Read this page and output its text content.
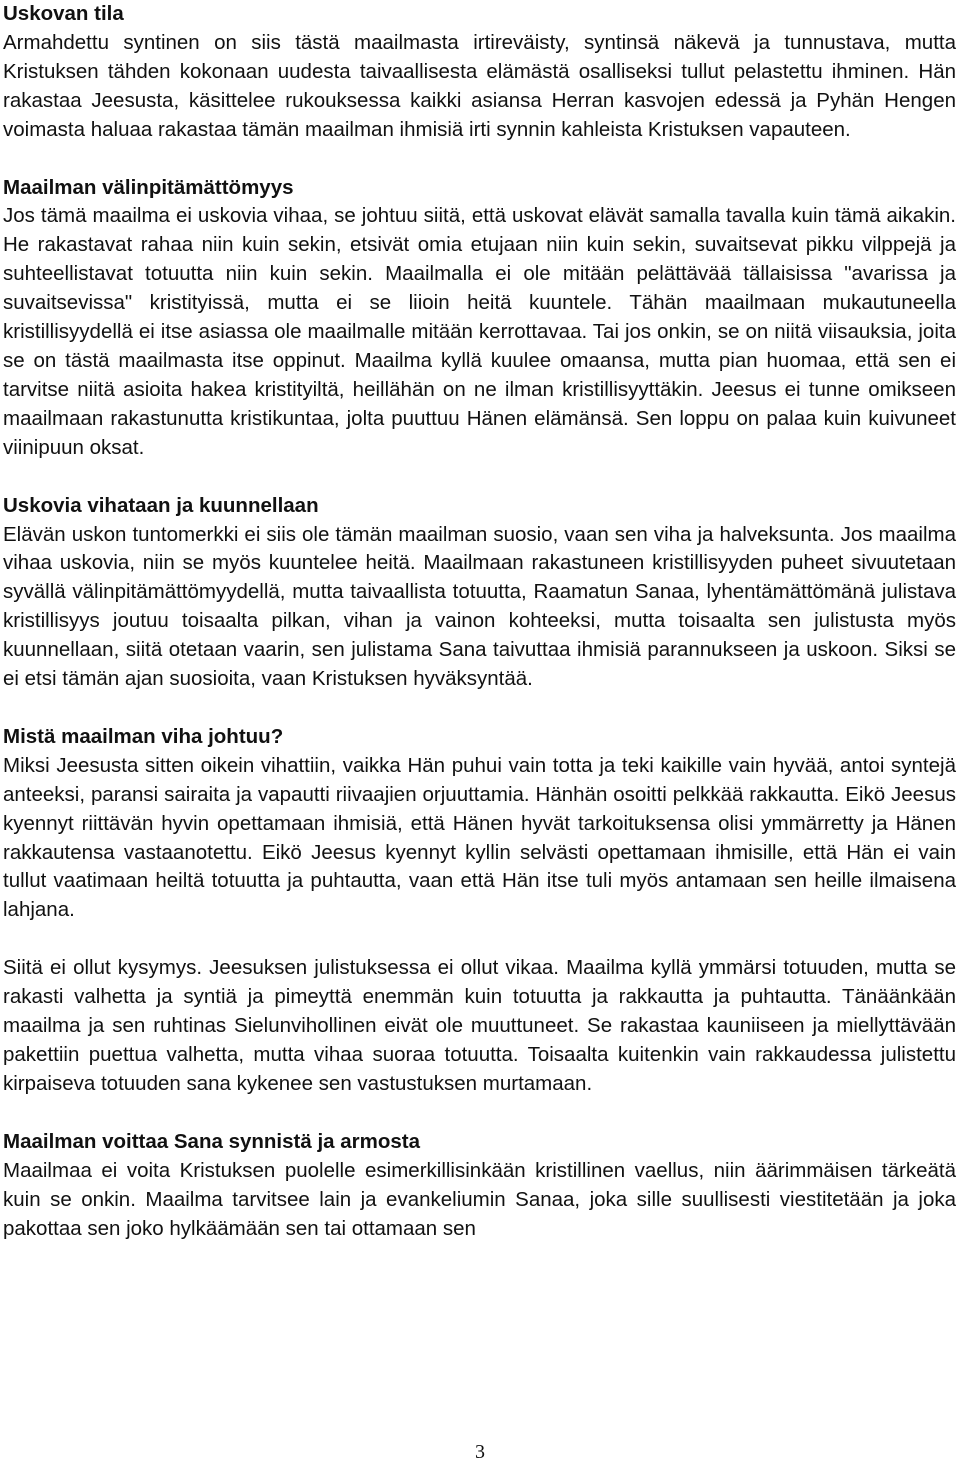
Uskovan tila

Armahdettu syntinen on siis tästä maailmasta irtireväisty, syntinsä näkevä ja tunnustava, mutta Kristuksen tähden kokonaan uudesta taivaallisesta elämästä osalliseksi tullut pelastettu ihminen. Hän rakastaa Jeesusta, käsittelee rukouksessa kaikki asiansa Herran kasvojen edessä ja Pyhän Hengen voimasta haluaa rakastaa tämän maailman ihmisiä irti synnin kahleista Kristuksen vapauteen.

Maailman välinpitämättömyys

Jos tämä maailma ei uskovia vihaa, se johtuu siitä, että uskovat elävät samalla tavalla kuin tämä aikakin. He rakastavat rahaa niin kuin sekin, etsivät omia etujaan niin kuin sekin, suvaitsevat pikku vilppejä ja suhteellistavat totuutta niin kuin sekin. Maailmalla ei ole mitään pelättävää tällaisissa "avarissa ja suvaitsevissa" kristityissä, mutta ei se liioin heitä kuuntele. Tähän maailmaan mukautuneella kristillisyydellä ei itse asiassa ole maailmalle mitään kerrottavaa. Tai jos onkin, se on niitä viisauksia, joita se on tästä maailmasta itse oppinut. Maailma kyllä kuulee omaansa, mutta pian huomaa, että sen ei tarvitse niitä asioita hakea kristityiltä, heillähän on ne ilman kristillisyyttäkin. Jeesus ei tunne omikseen maailmaan rakastunutta kristikuntaa, jolta puuttuu Hänen elämänsä. Sen loppu on palaa kuin kuivuneet viinipuun oksat.

Uskovia vihataan ja kuunnellaan

Elävän uskon tuntomerkki ei siis ole tämän maailman suosio, vaan sen viha ja halveksunta. Jos maailma vihaa uskovia, niin se myös kuuntelee heitä. Maailmaan rakastuneen kristillisyyden puheet sivuutetaan syvällä välinpitämättömyydellä, mutta taivaallista totuutta, Raamatun Sanaa, lyhentämättömänä julistava kristillisyys joutuu toisaalta pilkan, vihan ja vainon kohteeksi, mutta toisaalta sen julistusta myös kuunnellaan, siitä otetaan vaarin, sen julistama Sana taivuttaa ihmisiä parannukseen ja uskoon. Siksi se ei etsi tämän ajan suosioita, vaan Kristuksen hyväksyntää.

Mistä maailman viha johtuu?

Miksi Jeesusta sitten oikein vihattiin, vaikka Hän puhui vain totta ja teki kaikille vain hyvää, antoi syntejä anteeksi, paransi sairaita ja vapautti riivaajien orjuuttamia. Hänhän osoitti pelkkää rakkautta. Eikö Jeesus kyennyt riittävän hyvin opettamaan ihmisiä, että Hänen hyvät tarkoituksensa olisi ymmärretty ja Hänen rakkautensa vastaanotettu. Eikö Jeesus kyennyt kyllin selvästi opettamaan ihmisille, että Hän ei vain tullut vaatimaan heiltä totuutta ja puhtautta, vaan että Hän itse tuli myös antamaan sen heille ilmaisena lahjana.

Siitä ei ollut kysymys. Jeesuksen julistuksessa ei ollut vikaa. Maailma kyllä ymmärsi totuuden, mutta se rakasti valhetta ja syntiä ja pimeyttä enemmän kuin totuutta ja rakkautta ja puhtautta. Tänäänkään maailma ja sen ruhtinas Sielunvihollinen eivät ole muuttuneet. Se rakastaa kauniiseen ja miellyttävään pakettiin puettua valhetta, mutta vihaa suoraa totuutta. Toisaalta kuitenkin vain rakkaudessa julistettu kirpaiseva totuuden sana kykenee sen vastustuksen murtamaan.

Maailman voittaa Sana synnistä ja armosta

Maailmaa ei voita Kristuksen puolelle esimerkillisinkään kristillinen vaellus, niin äärimmäisen tärkeätä kuin se onkin. Maailma tarvitsee lain ja evankeliumin Sanaa, joka sille suullisesti viestitetään ja joka pakottaa sen joko hylkäämään sen tai ottamaan sen

3
